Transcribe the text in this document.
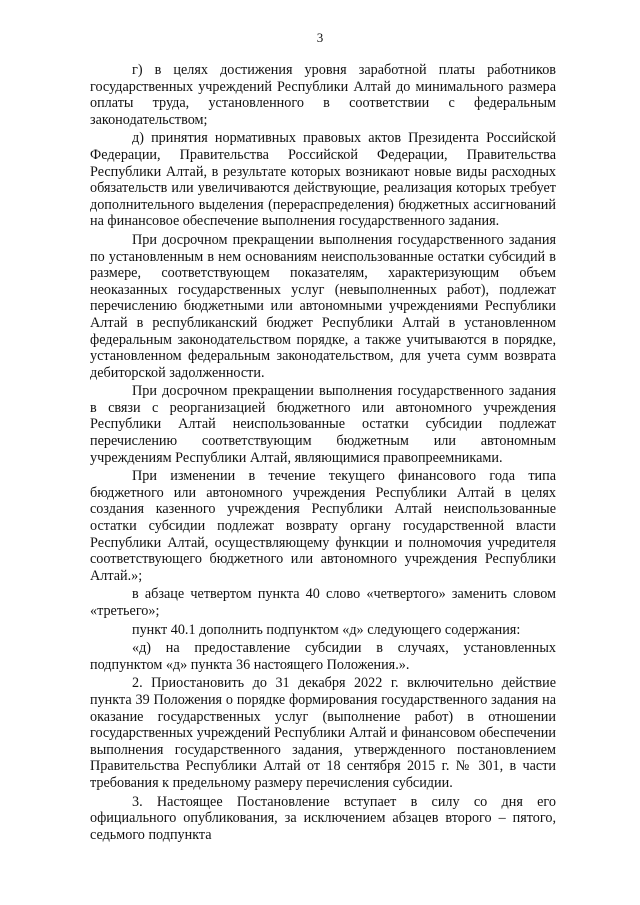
3

г) в целях достижения уровня заработной платы работников государственных учреждений Республики Алтай до минимального размера оплаты труда, установленного в соответствии с федеральным законодательством;

д) принятия нормативных правовых актов Президента Российской Федерации, Правительства Российской Федерации, Правительства Республики Алтай, в результате которых возникают новые виды расходных обязательств или увеличиваются действующие, реализация которых требует дополнительного выделения (перераспределения) бюджетных ассигнований на финансовое обеспечение выполнения государственного задания.

При досрочном прекращении выполнения государственного задания по установленным в нем основаниям неиспользованные остатки субсидий в размере, соответствующем показателям, характеризующим объем неоказанных государственных услуг (невыполненных работ), подлежат перечислению бюджетными или автономными учреждениями Республики Алтай в республиканский бюджет Республики Алтай в установленном федеральным законодательством порядке, а также учитываются в порядке, установленном федеральным законодательством, для учета сумм возврата дебиторской задолженности.

При досрочном прекращении выполнения государственного задания в связи с реорганизацией бюджетного или автономного учреждения Республики Алтай неиспользованные остатки субсидии подлежат перечислению соответствующим бюджетным или автономным учреждениям Республики Алтай, являющимися правопреемниками.

При изменении в течение текущего финансового года типа бюджетного или автономного учреждения Республики Алтай в целях создания казенного учреждения Республики Алтай неиспользованные остатки субсидии подлежат возврату органу государственной власти Республики Алтай, осуществляющему функции и полномочия учредителя соответствующего бюджетного или автономного учреждения Республики Алтай.»;

в абзаце четвертом пункта 40 слово «четвертого» заменить словом «третьего»;

пункт 40.1 дополнить подпунктом «д» следующего содержания:

«д) на предоставление субсидии в случаях, установленных подпунктом «д» пункта 36 настоящего Положения.».

2. Приостановить до 31 декабря 2022 г. включительно действие пункта 39 Положения о порядке формирования государственного задания на оказание государственных услуг (выполнение работ) в отношении государственных учреждений Республики Алтай и финансовом обеспечении выполнения государственного задания, утвержденного постановлением Правительства Республики Алтай от 18 сентября 2015 г. № 301, в части требования к предельному размеру перечисления субсидии.

3. Настоящее Постановление вступает в силу со дня его официального опубликования, за исключением абзацев второго – пятого, седьмого подпункта
